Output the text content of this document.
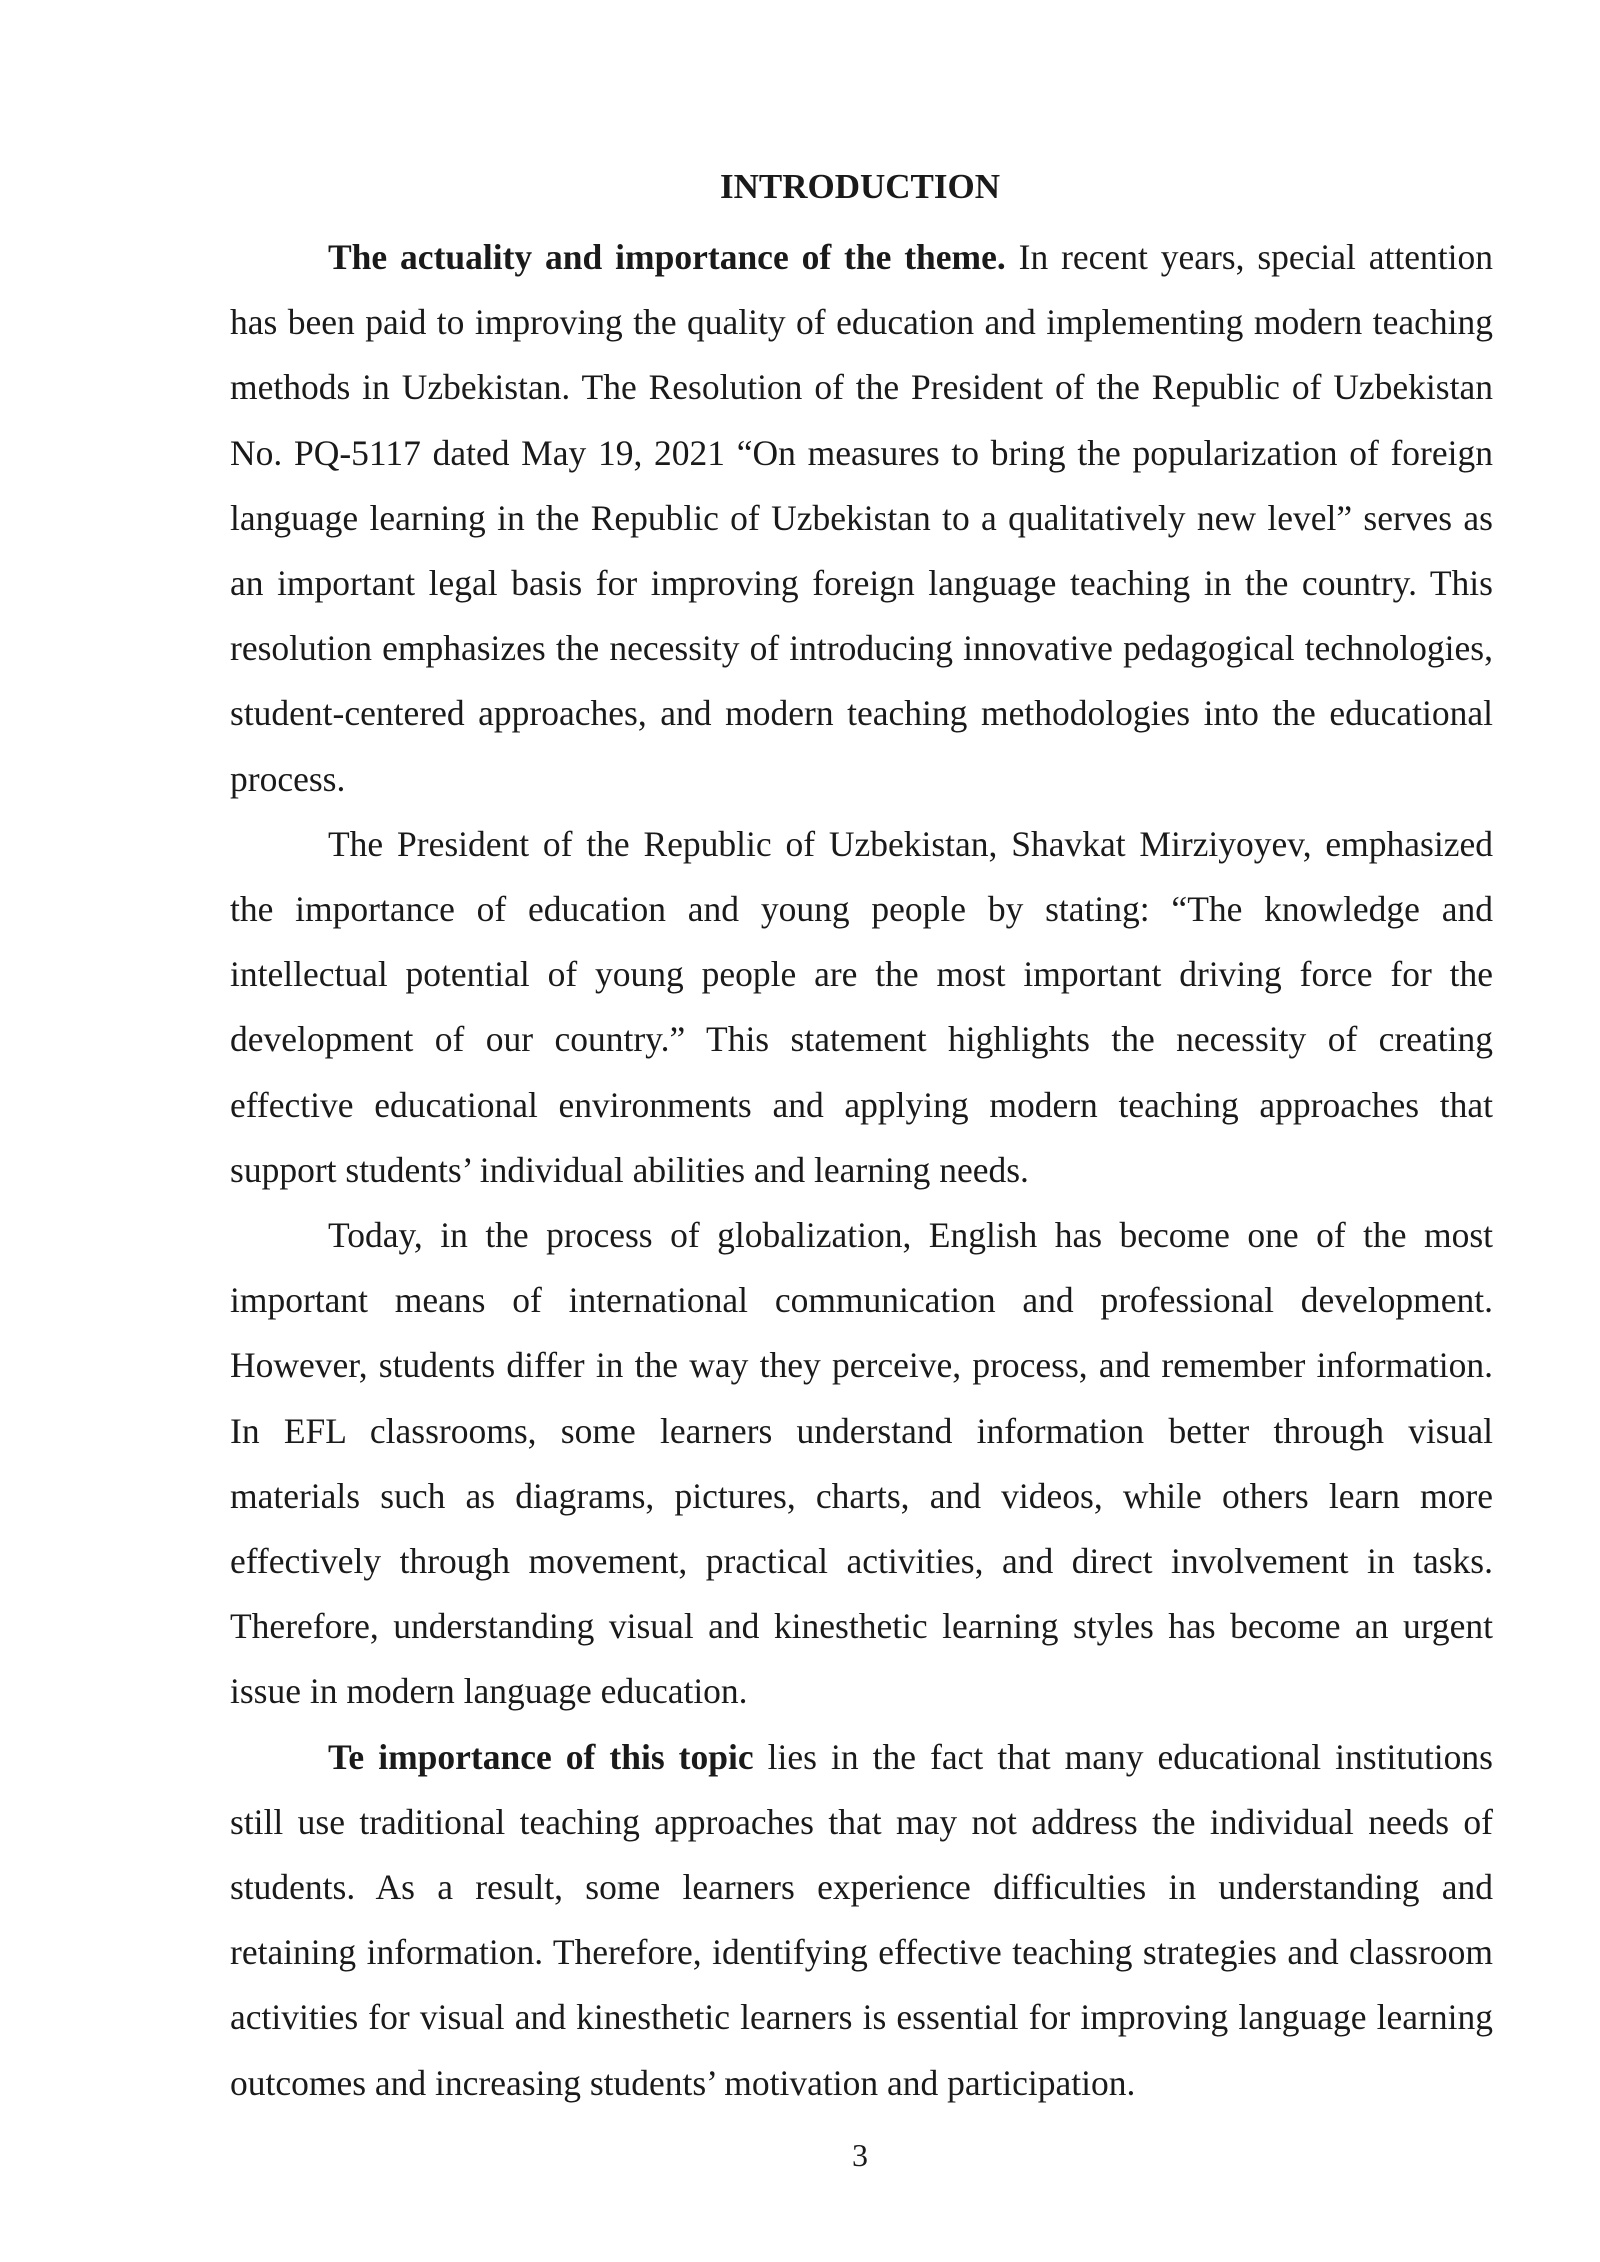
INTRODUCTION

The actuality and importance of the theme. In recent years, special attention has been paid to improving the quality of education and implementing modern teaching methods in Uzbekistan. The Resolution of the President of the Republic of Uzbekistan No. PQ-5117 dated May 19, 2021 “On measures to bring the popularization of foreign language learning in the Republic of Uzbekistan to a qualitatively new level” serves as an important legal basis for improving foreign language teaching in the country. This resolution emphasizes the necessity of introducing innovative pedagogical technologies, student-centered approaches, and modern teaching methodologies into the educational process.

The President of the Republic of Uzbekistan, Shavkat Mirziyoyev, emphasized the importance of education and young people by stating: “The knowledge and intellectual potential of young people are the most important driving force for the development of our country.” This statement highlights the necessity of creating effective educational environments and applying modern teaching approaches that support students’ individual abilities and learning needs.

Today, in the process of globalization, English has become one of the most important means of international communication and professional development. However, students differ in the way they perceive, process, and remember information. In EFL classrooms, some learners understand information better through visual materials such as diagrams, pictures, charts, and videos, while others learn more effectively through movement, practical activities, and direct involvement in tasks. Therefore, understanding visual and kinesthetic learning styles has become an urgent issue in modern language education.

Te importance of this topic lies in the fact that many educational institutions still use traditional teaching approaches that may not address the individual needs of students. As a result, some learners experience difficulties in understanding and retaining information. Therefore, identifying effective teaching strategies and classroom activities for visual and kinesthetic learners is essential for improving language learning outcomes and increasing students’ motivation and participation.

3
